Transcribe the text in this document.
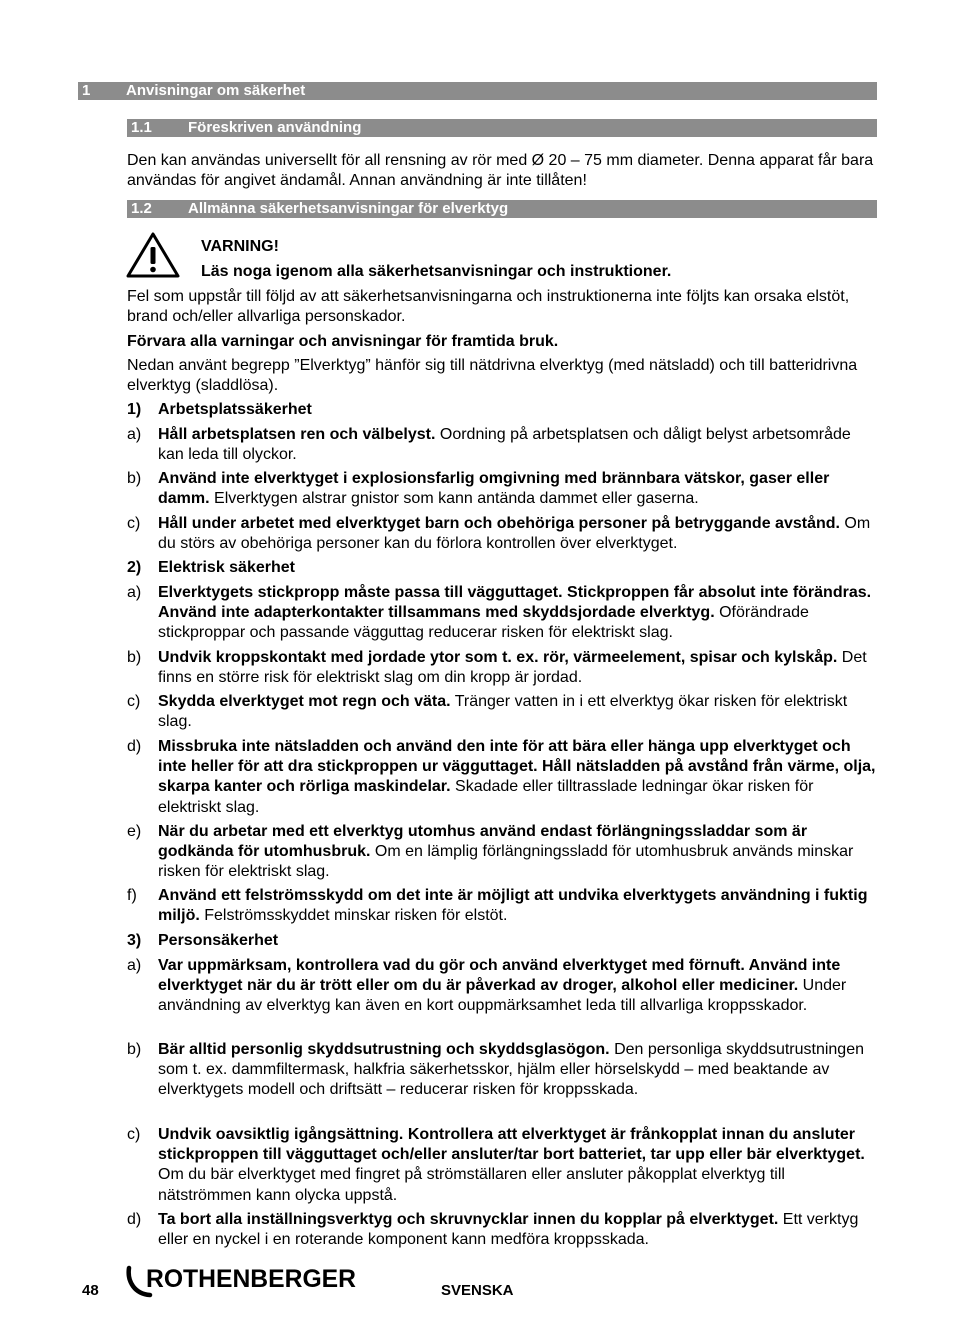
1 Anvisningar om säkerhet
1.1 Föreskriven användning
Den kan användas universellt för all rensning av rör med Ø 20 – 75 mm diameter. Denna apparat får bara användas för angivet ändamål. Annan användning är inte tillåten!
1.2 Allmänna säkerhetsanvisningar för elverktyg
VARNING!
Läs noga igenom alla säkerhetsanvisningar och instruktioner.
Fel som uppstår till följd av att säkerhetsanvisningarna och instruktionerna inte följts kan orsaka elstöt, brand och/eller allvarliga personskador.
Förvara alla varningar och anvisningar för framtida bruk.
Nedan använt begrepp ”Elverktyg” hänför sig till nätdrivna elverktyg (med nätsladd) och till batteridrivna elverktyg (sladdlösa).
1) Arbetsplatssäkerhet
a) Håll arbetsplatsen ren och välbelyst. Oordning på arbetsplatsen och dåligt belyst arbetsområde kan leda till olyckor.
b) Använd inte elverktyget i explosionsfarlig omgivning med brännbara vätskor, gaser eller damm. Elverktygen alstrar gnistor som kann antända dammet eller gaserna.
c) Håll under arbetet med elverktyget barn och obehöriga personer på betryggande avstånd. Om du störs av obehöriga personer kan du förlora kontrollen över elverktyget.
2) Elektrisk säkerhet
a) Elverktygets stickpropp måste passa till vägguttaget. Stickproppen får absolut inte förändras. Använd inte adapterkontakter tillsammans med skyddsjordade elverktyg. Oförändrade stickproppar och passande vägguttag reducerar risken för elektriskt slag.
b) Undvik kroppskontakt med jordade ytor som t. ex. rör, värmeelement, spisar och kylskåp. Det finns en större risk för elektriskt slag om din kropp är jordad.
c) Skydda elverktyget mot regn och väta. Tränger vatten in i ett elverktyg ökar risken för elektriskt slag.
d) Missbruka inte nätsladden och använd den inte för att bära eller hänga upp elverktyget och inte heller för att dra stickproppen ur vägguttaget. Håll nätsladden på avstånd från värme, olja, skarpa kanter och rörliga maskindelar. Skadade eller tilltrasslade ledningar ökar risken för elektriskt slag.
e) När du arbetar med ett elverktyg utomhus använd endast förlängningssladdar som är godkända för utomhusbruk. Om en lämplig förlängningssladd för utomhusbruk används minskar risken för elektriskt slag.
f) Använd ett felströmsskydd om det inte är möjligt att undvika elverktygets användning i fuktig miljö. Felströmsskyddet minskar risken för elstöt.
3) Personsäkerhet
a) Var uppmärksam, kontrollera vad du gör och använd elverktyget med förnuft. Använd inte elverktyget när du är trött eller om du är påverkad av droger, alkohol eller mediciner. Under användning av elverktyg kan även en kort ouppmärksamhet leda till allvarliga kroppsskador.
b) Bär alltid personlig skyddsutrustning och skyddsglasögon. Den personliga skyddsutrustningen som t. ex. dammfiltermask, halkfria säkerhetsskor, hjälm eller hörselskydd – med beaktande av elverktygets modell och driftsätt – reducerar risken för kroppsskada.
c) Undvik oavsiktlig igångsättning. Kontrollera att elverktyget är frånkopplat innan du ansluter stickproppen till vägguttaget och/eller ansluter/tar bort batteriet, tar upp eller bär elverktyget. Om du bär elverktyget med fingret på strömställaren eller ansluter påkopplat elverktyg till nätströmmen kann olycka uppstå.
d) Ta bort alla inställningsverktyg och skruvnycklar innen du kopplar på elverktyget. Ett verktyg eller en nyckel i en roterande komponent kann medföra kroppsskada.
48 ROTHENBERGER	SVENSKA
